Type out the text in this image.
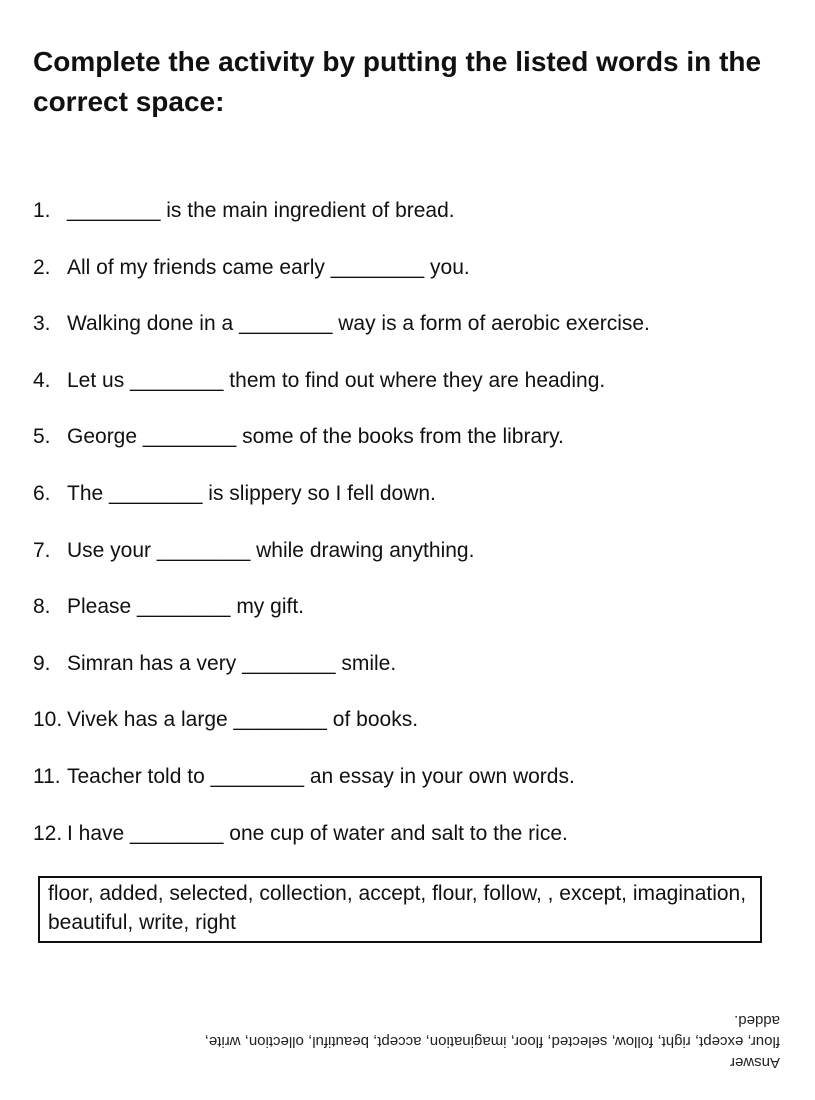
Complete the activity by putting the listed words in the correct space:
1. ________ is the main ingredient of bread.
2. All of my friends came early ________ you.
3. Walking done in a ________ way is a form of aerobic exercise.
4. Let us ________ them to find out where they are heading.
5. George ________ some of the books from the library.
6. The ________ is slippery so I fell down.
7. Use your ________ while drawing anything.
8. Please ________ my gift.
9. Simran has a very ________ smile.
10. Vivek has a large ________ of books.
11. Teacher told to ________ an essay in your own words.
12. I have ________ one cup of water and salt to the rice.
floor, added, selected, collection, accept, flour, follow, , except, imagination, beautiful, write, right
Answer
flour, except, right, follow, selected, floor, imagination, accept, beautiful, ollection, write, added.
